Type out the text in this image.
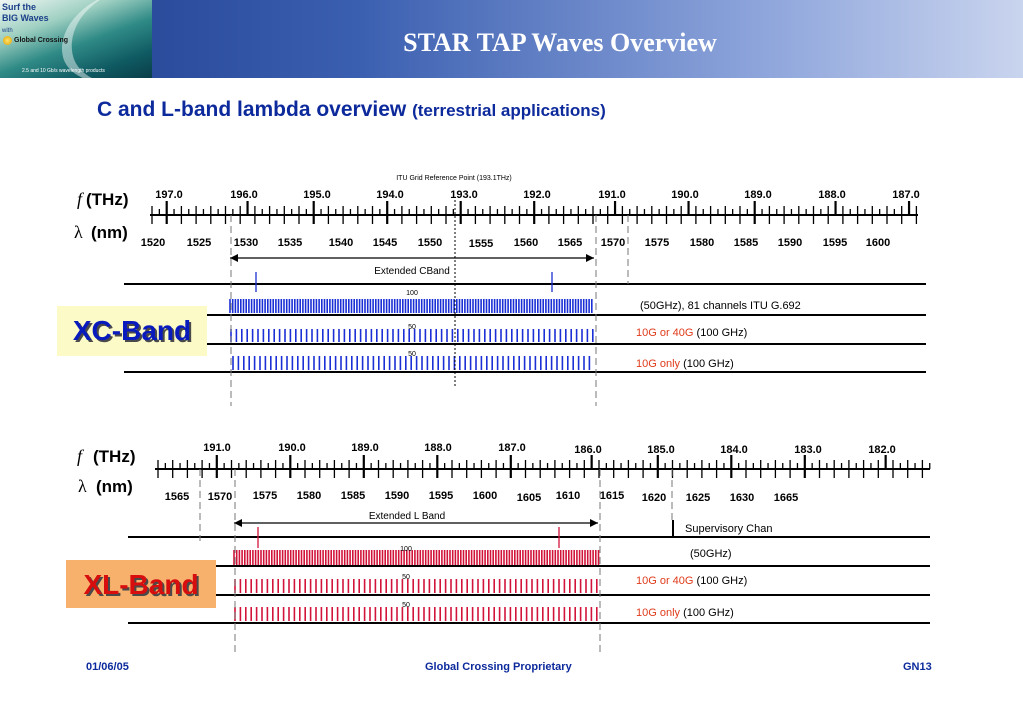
Surf the
BIG Waves
with
Global Crossing
2.5 and 10 Gb/s wavelength products
STAR TAP Waves Overview
C and L-band lambda overview (terrestrial applications)
ITU Grid Reference Point (193.1THz)
f (THz)
λ (nm)
197.0	196.0	195.0	194.0	193.0	192.0	191.0	190.0	189.0	188.0	187.0
1520 1525 1530 1535 1540 1545 1550 1555 1560 1565 1570 1575 1580 1585 1590 1595 1600
Extended CBand
100
50
50
(50GHz), 81 channels ITU G.692
10G or 40G (100 GHz)
10G only (100 GHz)
f (THz)
λ (nm)
191.0	190.0	189.0	188.0	187.0	186.0	185.0	184.0	183.0	182.0
1565 1570 1575 1580 1585 1590 1595 1600 1605 1610 1615 1620 1625 1630 1665
Extended L Band
Supervisory Chan
100
50
50
(50GHz)
10G or 40G (100 GHz)
10G only (100 GHz)
XC-Band
XL-Band
01/06/05	Global Crossing Proprietary	GN13
